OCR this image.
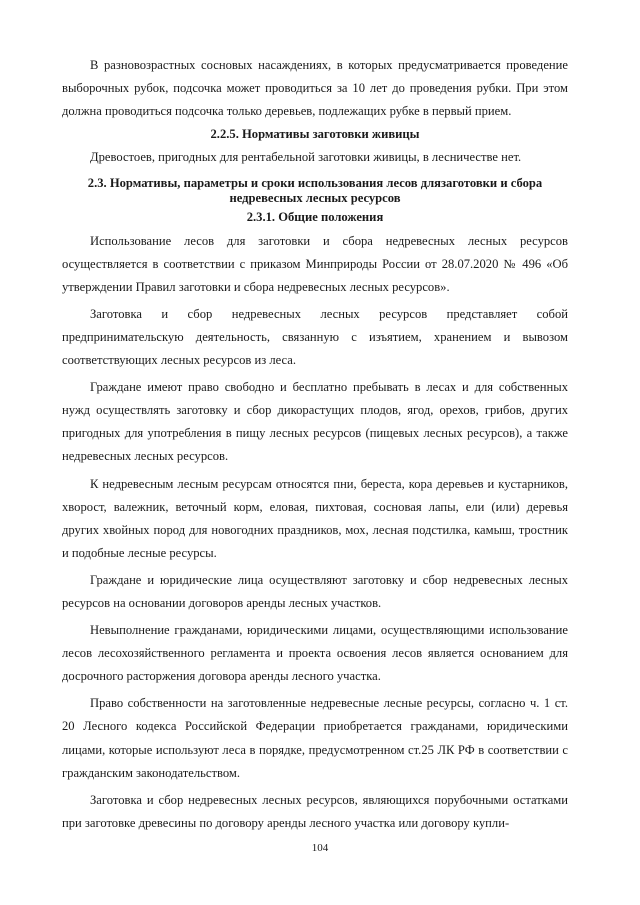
В разновозрастных сосновых насаждениях, в которых предусматривается проведение выборочных рубок, подсочка может проводиться за 10 лет до проведения рубки. При этом должна проводиться подсочка только деревьев, подлежащих рубке в первый прием.

2.2.5. Нормативы заготовки живицы

Древостоев, пригодных для рентабельной заготовки живицы, в лесничестве нет.

2.3. Нормативы, параметры и сроки использования лесов длязаготовки и сбора
недревесных лесных ресурсов

2.3.1. Общие положения

Использование лесов для заготовки и сбора недревесных лесных ресурсов осуществляется в соответствии с приказом Минприроды России от 28.07.2020 № 496 «Об утверждении Правил заготовки и сбора недревесных лесных ресурсов».

Заготовка и сбор недревесных лесных ресурсов представляет собой предпринимательскую деятельность, связанную с изъятием, хранением и вывозом соответствующих лесных ресурсов из леса.

Граждане имеют право свободно и бесплатно пребывать в лесах и для собственных нужд осуществлять заготовку и сбор дикорастущих плодов, ягод, орехов, грибов, других пригодных для употребления в пищу лесных ресурсов (пищевых лесных ресурсов), а также недревесных лесных ресурсов.

К недревесным лесным ресурсам относятся пни, береста, кора деревьев и кустарников, хворост, валежник, веточный корм, еловая, пихтовая, сосновая лапы, ели (или) деревья других хвойных пород для новогодних праздников, мох, лесная подстилка, камыш, тростник и подобные лесные ресурсы.

Граждане и юридические лица осуществляют заготовку и сбор недревесных лесных ресурсов на основании договоров аренды лесных участков.

Невыполнение гражданами, юридическими лицами, осуществляющими использование лесов лесохозяйственного регламента и проекта освоения лесов является основанием для досрочного расторжения договора аренды лесного участка.

Право собственности на заготовленные недревесные лесные ресурсы, согласно ч. 1 ст. 20 Лесного кодекса Российской Федерации приобретается гражданами, юридическими лицами, которые используют леса в порядке, предусмотренном ст.25 ЛК РФ в соответствии с гражданским законодательством.

Заготовка и сбор недревесных лесных ресурсов, являющихся порубочными остатками при заготовке древесины по договору аренды лесного участка или договору купли-

104
